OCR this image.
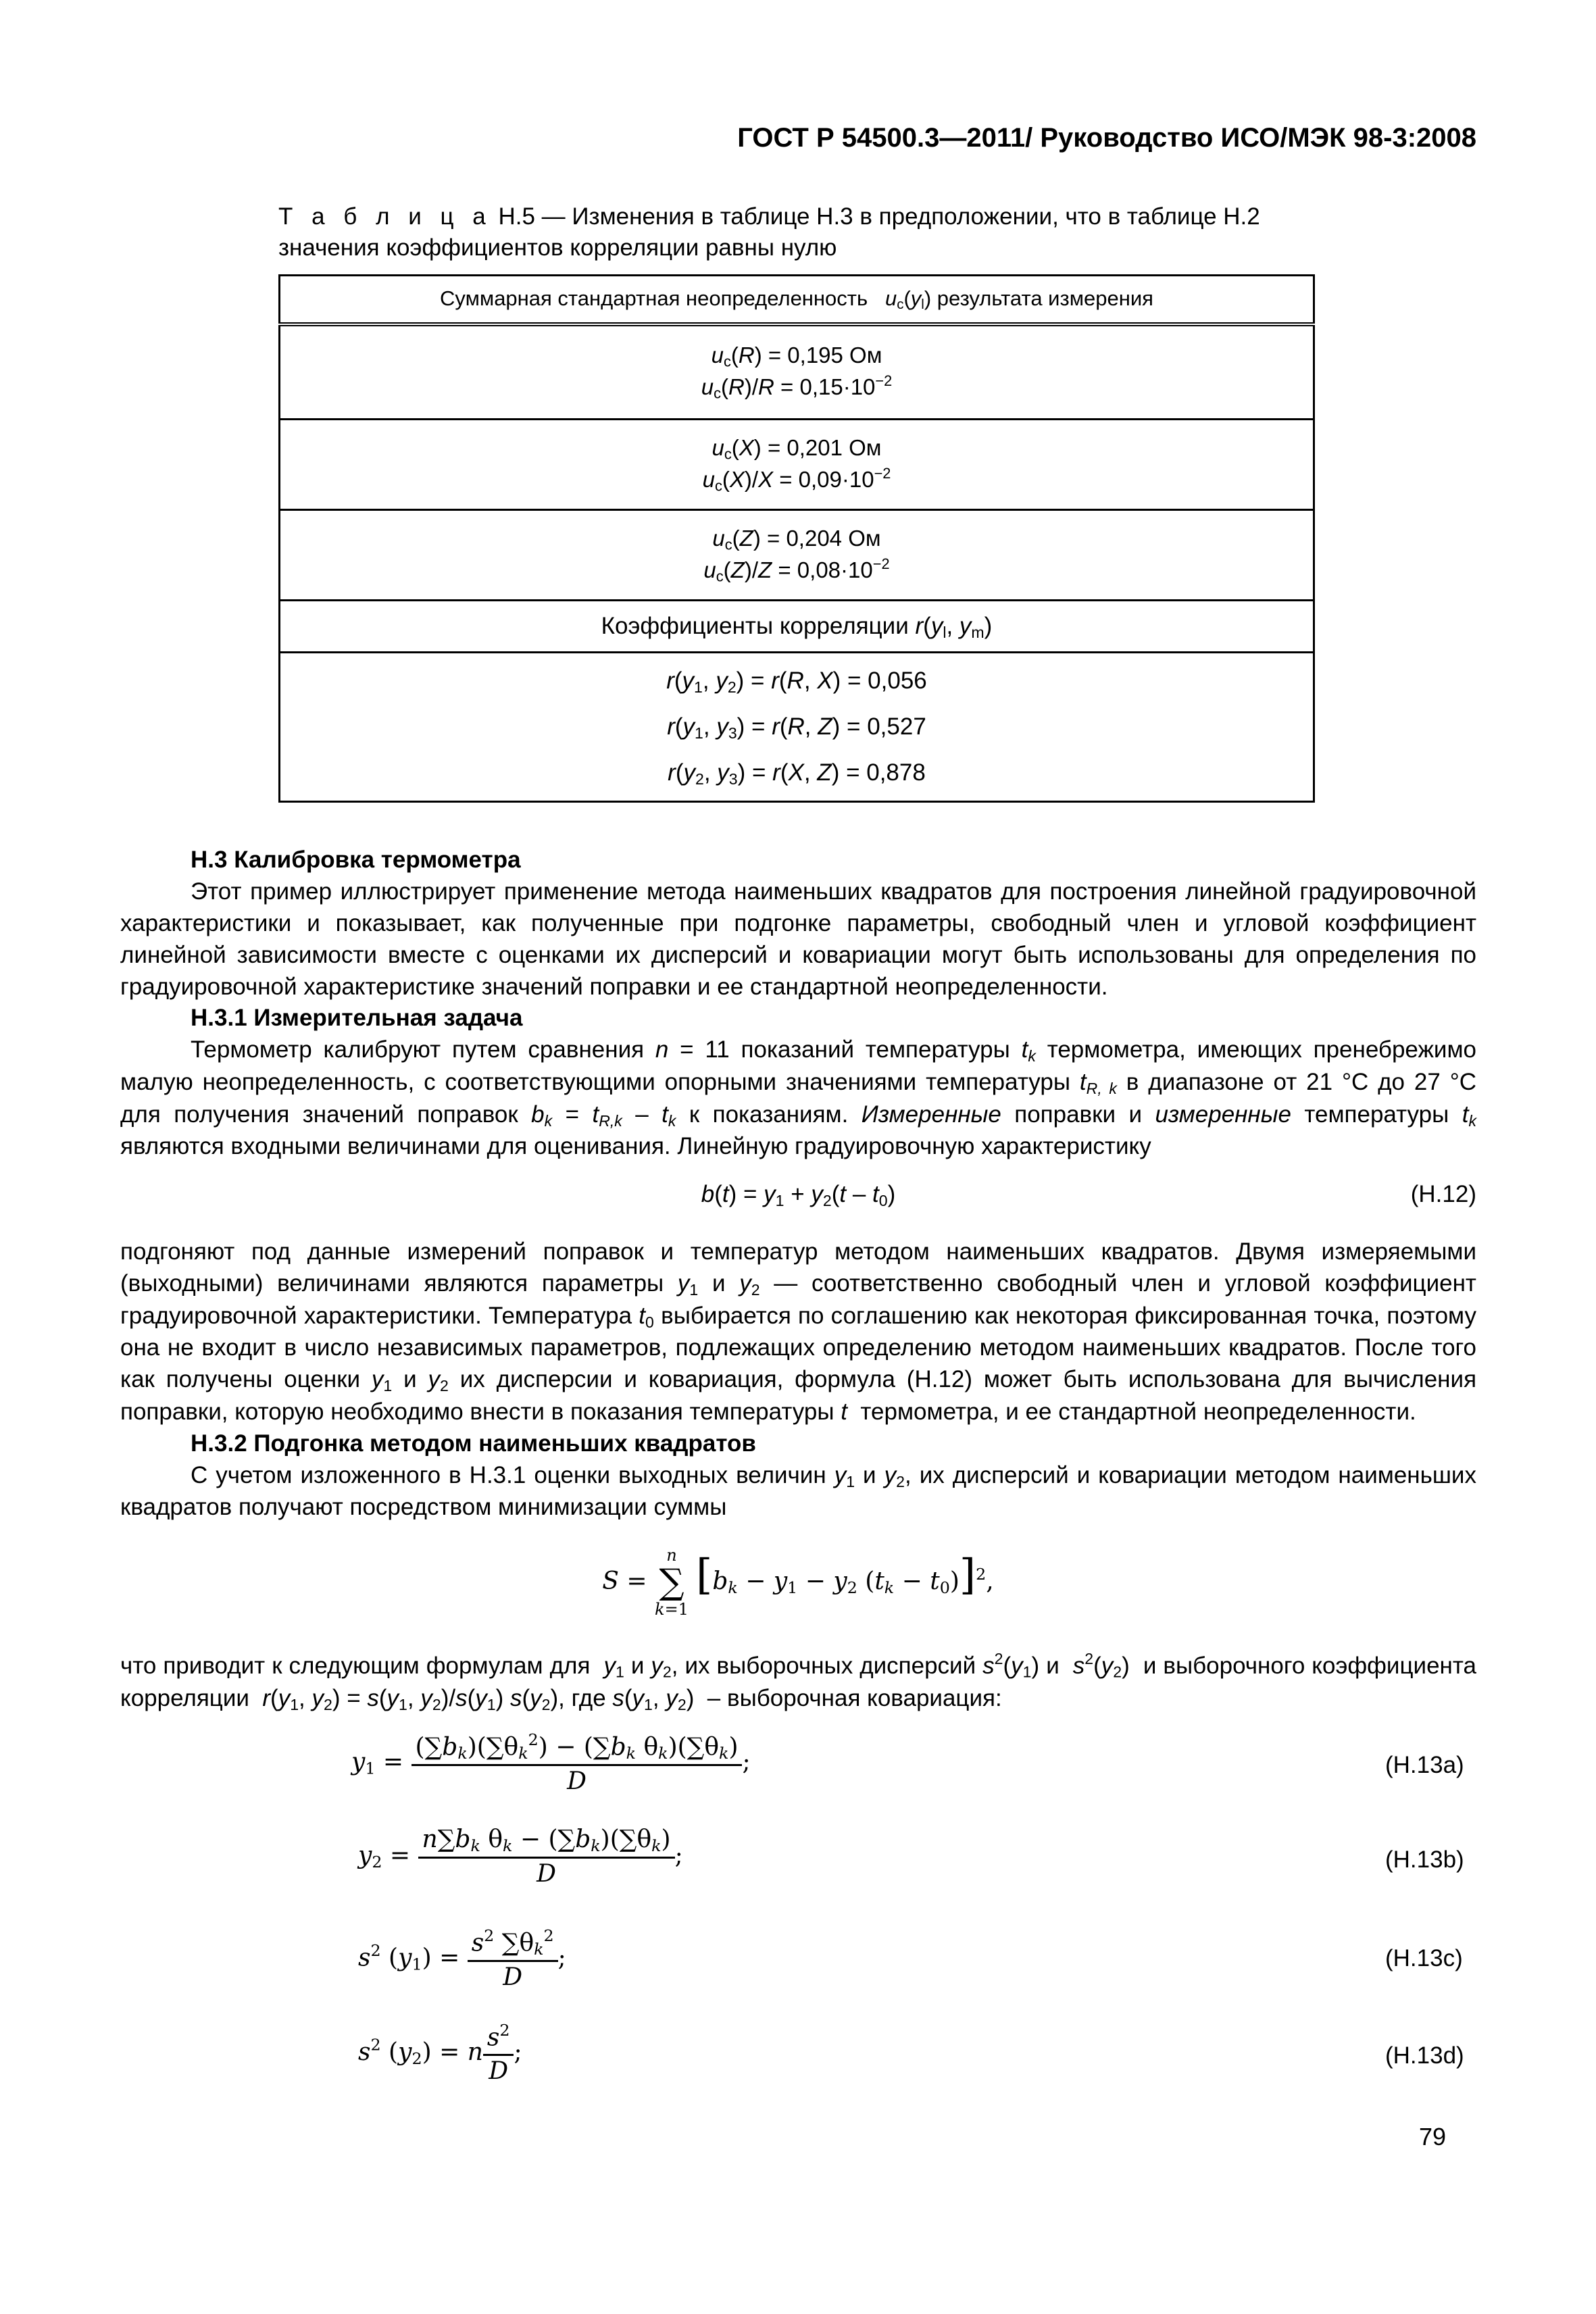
ГОСТ Р 54500.3—2011/ Руководство ИСО/МЭК 98-3:2008
Т а б л и ц а Н.5 — Изменения в таблице Н.3 в предположении, что в таблице Н.2 значения коэффициентов корреляции равны нулю
Суммарная стандартная неопределенность $u_c(y_l)$ результата измерения
$u_c(R) = 0,195$ Ом
$u_c(R)/R = 0,15\cdot 10^{-2}$
$u_c(X) = 0,201$ Ом
$u_c(X)/X = 0,09\cdot 10^{-2}$
$u_c(Z) = 0,204$ Ом
$u_c(Z)/Z = 0,08\cdot 10^{-2}$
Коэффициенты корреляции $r(y_l$, $y_m$)
$r(y_1$, $y_2) = r(R$, X) = 0,056
$r(y_1$, $y_3) = r(R$, Z) = 0,527
$r(y_2$, $y_3) = r(X$, Z) = 0,878

Н.3 Калибровка термометра

Этот пример иллюстрирует применение метода наименьших квадратов для построения линейной градуировочной характеристики и показывает, как полученные при подгонке параметры, свободный член и угловой коэффициент линейной зависимости вместе с оценками их дисперсий и ковариации могут быть использованы для определения по градуировочной характеристике значений поправки и ее стандартной неопределенности.

Н.3.1 Измерительная задача

Термометр калибруют путем сравнения n = 11 показаний температуры $t_k$ термометра, имеющих пренебрежимо малую неопределенность, с соответствующими опорными значениями температуры $t_{R, k}$ в диапазоне от 21 °С до 27 °С для получения значений поправок $b_k = t_{R,k} - t_k$ к показаниям. Измеренные поправки и измеренные температуры $t_k$ являются входными величинами для оценивания. Линейную градуировочную характеристику

$b(t) = y_1 + y_2(t - t_0)$	(Н.12)

подгоняют под данные измерений поправок и температур методом наименьших квадратов. Двумя измеряемыми (выходными) величинами являются параметры $y_1$ и $y_2$ — соответственно свободный член и угловой коэффициент градуировочной характеристики. Температура $t_0$ выбирается по соглашению как некоторая фиксированная точка, поэтому она не входит в число независимых параметров, подлежащих определению методом наименьших квадратов. После того как получены оценки $y_1$ и $y_2$ их дисперсии и ковариация, формула (Н.12) может быть использована для вычисления поправки, которую необходимо внести в показания температуры t термометра, и ее стандартной неопределенности.

Н.3.2 Подгонка методом наименьших квадратов

С учетом изложенного в Н.3.1 оценки выходных величин $y_1$ и $y_2$, их дисперсий и ковариации методом наименьших квадратов получают посредством минимизации суммы

S = n
∑
k=1 [$b_k - y_1 - y_2$ $(t_k - t_0)]^2$,

что приводит к следующим формулам для $y_1$ и $y_2$, их выборочных дисперсий $s^2(y_1)$ и $s^2(y_2)$  и выборочного коэффициента корреляции $r(y_1$, $y_2) = s(y_1$, $y_2)/s(y_1)$ $s(y_2)$, где $s(y_1$, $y_2$)  – выборочная ковариация:

$y_1 = \frac{(\sum b_k)(\sum\theta_k^2) - (\sum b_k \theta_k)(\sum\theta_k)}{D}$ ;	(Н.13a)
$y_2 = \frac{n\sum b_k \theta_k - (\sum b_k)(\sum\theta_k)}{D}$ ;	(Н.13b)
$s^2$ $(y_1) = \frac{s^2 \sum\theta_k^2}{D}$ ;	(Н.13c)
$s^2$ $(y_2) = n \frac{s^2}{D}$ ;	(Н.13d)
79
